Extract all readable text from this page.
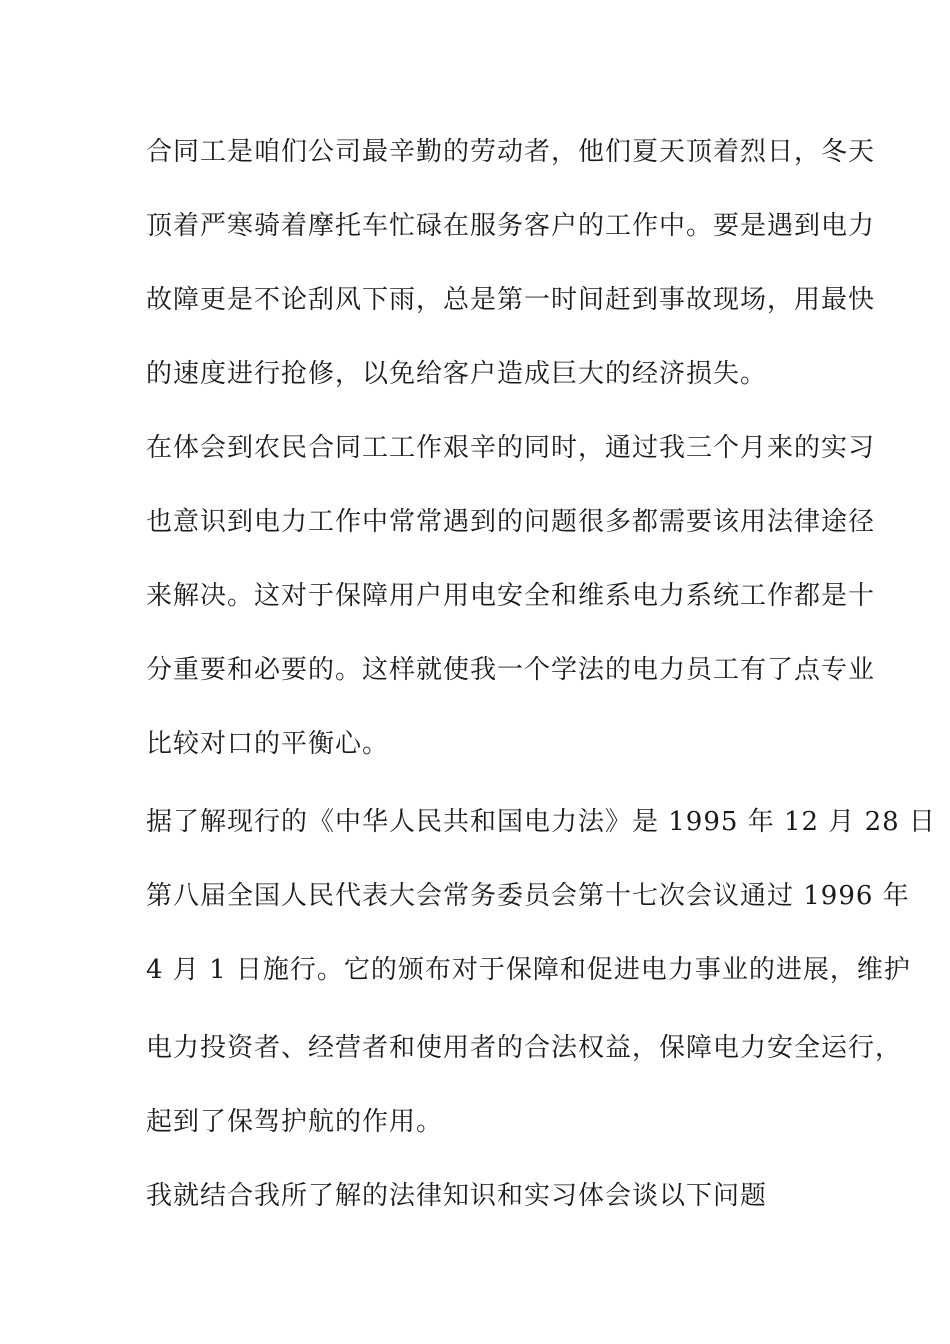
合同工是咱们公司最辛勤的劳动者，他们夏天顶着烈日，冬天
顶着严寒骑着摩托车忙碌在服务客户的工作中。要是遇到电力
故障更是不论刮风下雨，总是第一时间赶到事故现场，用最快
的速度进行抢修，以免给客户造成巨大的经济损失。
在体会到农民合同工工作艰辛的同时，通过我三个月来的实习
也意识到电力工作中常常遇到的问题很多都需要该用法律途径
来解决。这对于保障用户用电安全和维系电力系统工作都是十
分重要和必要的。这样就使我一个学法的电力员工有了点专业
比较对口的平衡心。
据了解现行的《中华人民共和国电力法》是 1995 年 12 月 28 日
第八届全国人民代表大会常务委员会第十七次会议通过 1996 年
4 月 1 日施行。它的颁布对于保障和促进电力事业的进展，维护
电力投资者、经营者和使用者的合法权益，保障电力安全运行，
起到了保驾护航的作用。
我就结合我所了解的法律知识和实习体会谈以下问题
